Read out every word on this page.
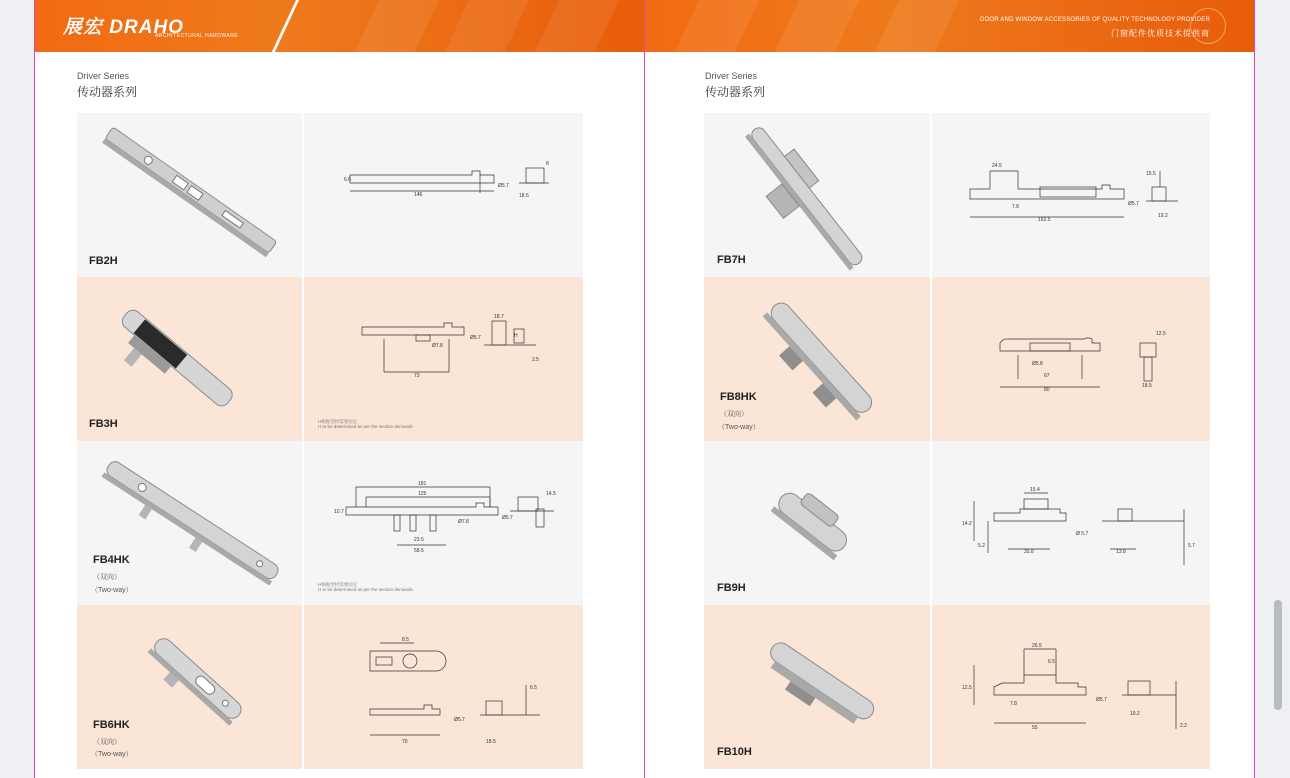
展宏 DRAHO
ARCHITECTURAL HARDWARE
Driver Series
传动器系列
FB2H
146
Ø5.7
18.5
6.6
8
FB3H
18.7
Ø5.7
Ø7.8
73
H
2.5
H根据型材需要而定
H to be determined as per the section demands
FB4HK
（双向）
（Two-way）
181
125
Ø7.8
Ø5.7
23.5
58.5
14.5
10.7
H根据型材需要而定
H to be determined as per the section demands
FB6HK
（双向）
（Two-way）
8.5
Ø5.7
70	18.5
6.5
DOOR AND WINDOW ACCESSORIES OF QUALITY TECHNOLOGY PROVIDER
门窗配件优质技术提供商
Driver Series
传动器系列
FB7H
24.5
7.8	Ø5.7
162.5
15.5
19.2
FB8HK
（双向）
（Two-way）
Ø5.8
67
80
12.5
18.5
FB9H
15.4
Ø 5.7
35.8	13.8
14.2
5.2	5.7
FB10H
26.5
6.5
Ø5.7
7.8
55
19.2
12.5
2.2
